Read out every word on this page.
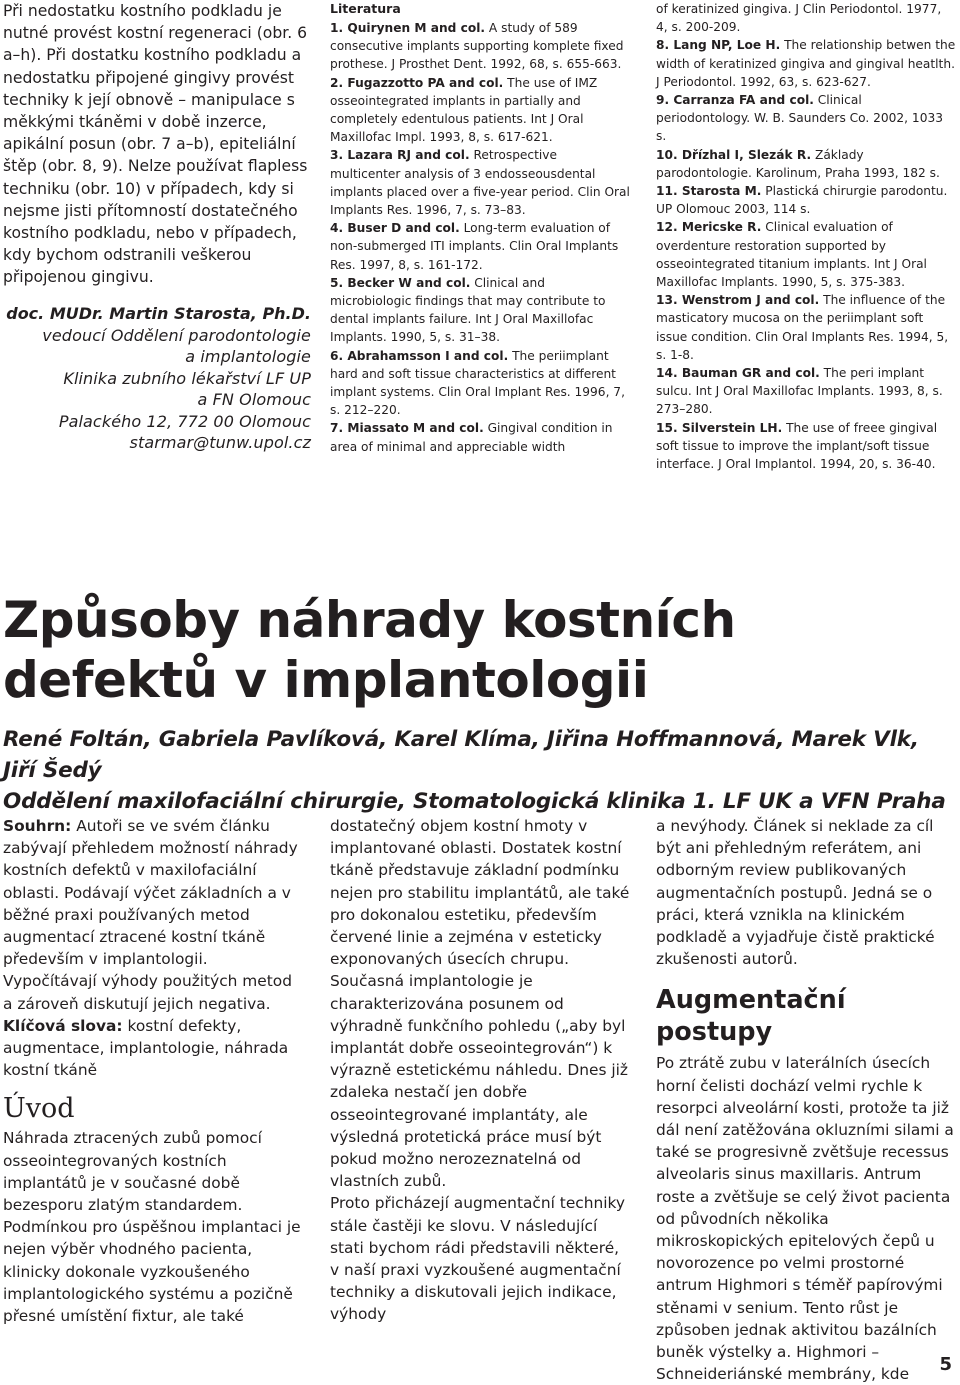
Při nedostatku kostního podkladu je nutné provést kostní regeneraci (obr. 6 a–h). Při dostatku kostního podkladu a nedostatku připojené gingivy provést techniky k její obnově – manipulace s měkkými tkáněmi v době inzerce, apikální posun (obr. 7 a–b), epiteliální štěp (obr. 8, 9). Nelze používat flapless techniku (obr. 10) v případech, kdy si nejsme jisti přítomností dostatečného kostního podkladu, nebo v případech, kdy bychom odstranili veškerou připojenou gingivu.

doc. MUDr. Martin Starosta, Ph.D.
vedoucí Oddělení parodontologie
a implantologie
Klinika zubního lékařství LF UP
a FN Olomouc
Palackého 12, 772 00 Olomouc
starmar@tunw.upol.cz
Literatura

1. Quirynen M and col. A study of 589 consecutive implants supporting komplete fixed prothese. J Prosthet Dent. 1992, 68, s. 655-663.

2. Fugazzotto PA and col. The use of IMZ osseointegrated implants in partially and completely edentulous patients. Int J Oral Maxillofac Impl. 1993, 8, s. 617-621.

3. Lazara RJ and col. Retrospective multicenter analysis of 3 endosseousdental implants placed over a five-year period. Clin Oral Implants Res. 1996, 7, s. 73–83.

4. Buser D and col. Long-term evaluation of non-submerged ITI implants. Clin Oral Implants Res. 1997, 8, s. 161-172.

5. Becker W and col. Clinical and microbiologic findings that may contribute to dental implants failure. Int J Oral Maxillofac Implants. 1990, 5, s. 31–38.

6. Abrahamsson I and col. The periimplant hard and soft tissue characteristics at different implant systems. Clin Oral Implant Res. 1996, 7, s. 212–220.

7. Miassato M and col. Gingival condition in area of minimal and appreciable width

of keratinized gingiva. J Clin Periodontol. 1977, 4, s. 200-209.

8. Lang NP, Loe H. The relationship betwen the width of keratinized gingiva and gingival heatlth. J Periodontol. 1992, 63, s. 623-627.

9. Carranza FA and col. Clinical periodontology. W. B. Saunders Co. 2002, 1033 s.

10. Dřízhal I, Slezák R. Základy parodontologie. Karolinum, Praha 1993, 182 s.

11. Starosta M. Plastická chirurgie parodontu. UP Olomouc 2003, 114 s.

12. Mericske R. Clinical evaluation of overdenture restoration supported by osseointegrated titanium implants. Int J Oral Maxillofac Implants. 1990, 5, s. 375-383.

13. Wenstrom J and col. The influence of the masticatory mucosa on the periimplant soft issue condition. Clin Oral Implants Res. 1994, 5, s. 1-8.

14. Bauman GR and col. The peri implant sulcu. Int J Oral Maxillofac Implants. 1993, 8, s. 273–280.

15. Silverstein LH. The use of freee gingival soft tissue to improve the implant/soft tissue interface. J Oral Implantol. 1994, 20, s. 36-40.

Způsoby náhrady kostních defektů v implantologii
René Foltán, Gabriela Pavlíková, Karel Klíma, Jiřina Hoffmannová, Marek Vlk, Jiří Šedý
Oddělení maxilofaciální chirurgie, Stomatologická klinika 1. LF UK a VFN Praha

Souhrn: Autoři se ve svém článku zabývají přehledem možností náhrady kostních defektů v maxilofaciální oblasti. Podávají výčet základních a v běžné praxi používaných metod augmentací ztracené kostní tkáně především v implantologii. Vypočítávají výhody použitých metod a zároveň diskutují jejich negativa.

Klíčová slova: kostní defekty, augmentace, implantologie, náhrada kostní tkáně

Úvod

Náhrada ztracených zubů pomocí osseointegrovaných kostních implantátů je v současné době bezesporu zlatým standardem. Podmínkou pro úspěšnou implantaci je nejen výběr vhodného pacienta, klinicky dokonale vyzkoušeného implantologického systému a pozičně přesné umístění fixtur, ale také

dostatečný objem kostní hmoty v implantované oblasti. Dostatek kostní tkáně představuje základní podmínku nejen pro stabilitu implantátů, ale také pro dokonalou estetiku, především červené linie a zejména v esteticky exponovaných úsecích chrupu. Současná implantologie je charakterizována posunem od výhradně funkčního pohledu („aby byl implantát dobře osseointegrován“) k výrazně estetickému náhledu. Dnes již zdaleka nestačí jen dobře osseointegrované implantáty, ale výsledná protetická práce musí být pokud možno nerozeznatelná od vlastních zubů.

Proto přicházejí augmentační techniky stále častěji ke slovu. V následující stati bychom rádi představili některé, v naší praxi vyzkoušené augmentační techniky a diskutovali jejich indikace, výhody

a nevýhody. Článek si neklade za cíl být ani přehledným referátem, ani odborným review publikovaných augmentačních postupů. Jedná se o práci, která vznikla na klinickém podkladě a vyjadřuje čistě praktické zkušenosti autorů.

Augmentační postupy

Po ztrátě zubu v laterálních úsecích horní čelisti dochází velmi rychle k resorpci alveolární kosti, protože ta již dál není zatěžována okluzními silami a také se progresivně zvětšuje recessus alveolaris sinus maxillaris. Antrum roste a zvětšuje se celý život pacienta od původních několika mikroskopických epitelových čepů u novorozence po velmi prostorné antrum Highmori s téměř papírovými stěnami v senium. Tento růst je způsoben jednak aktivitou bazálních buněk výstelky a. Highmori – Schneideriánské membrány, kde	5
